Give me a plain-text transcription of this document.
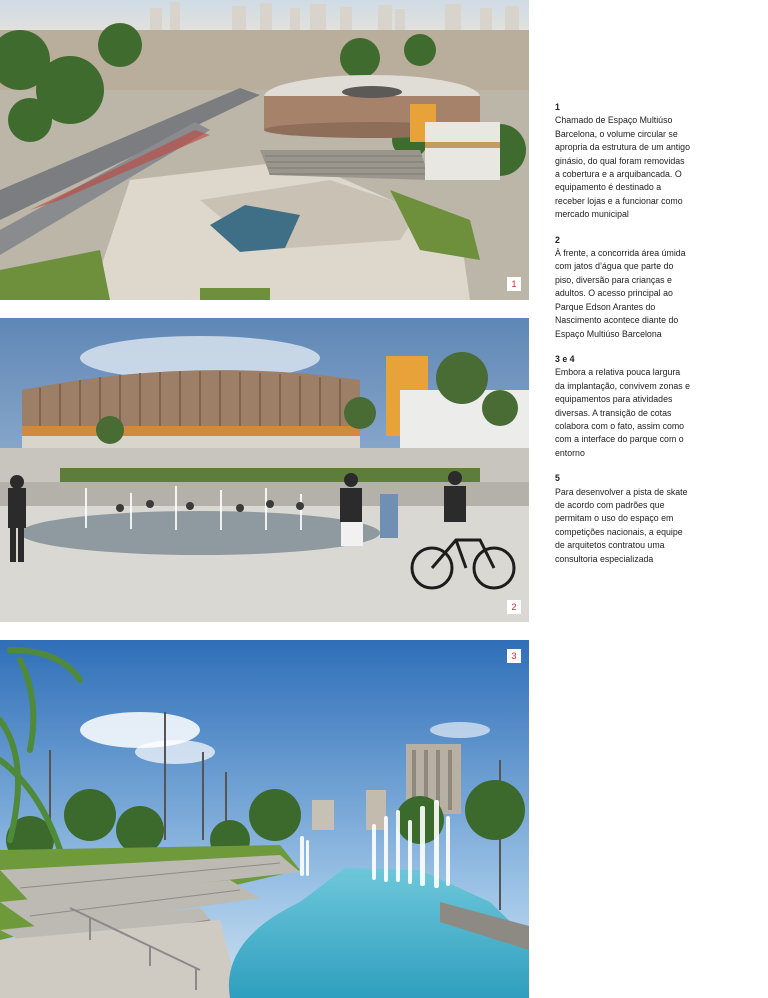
1
2
3
1
Chamado de Espaço Multiúso Barcelona, o volume circular se apropria da estrutura de um antigo ginásio, do qual foram removidas a cobertura e a arquibancada. O equipamento é destinado a receber lojas e a funcionar como mercado municipal
2
À frente, a concorrida área úmida com jatos d’água que parte do piso, diversão para crianças e adultos. O acesso principal ao Parque Edson Arantes do Nascimento acontece diante do Espaço Multiúso Barcelona
3 e 4
Embora a relativa pouca largura da implantação, convivem zonas e equipamentos para atividades diversas. A transição de cotas colabora com o fato, assim como com a interface do parque com o entorno
5
Para desenvolver a pista de skate de acordo com padrões que permitam o uso do espaço em competições nacionais, a equipe de arquitetos contratou uma consultoria especializada
